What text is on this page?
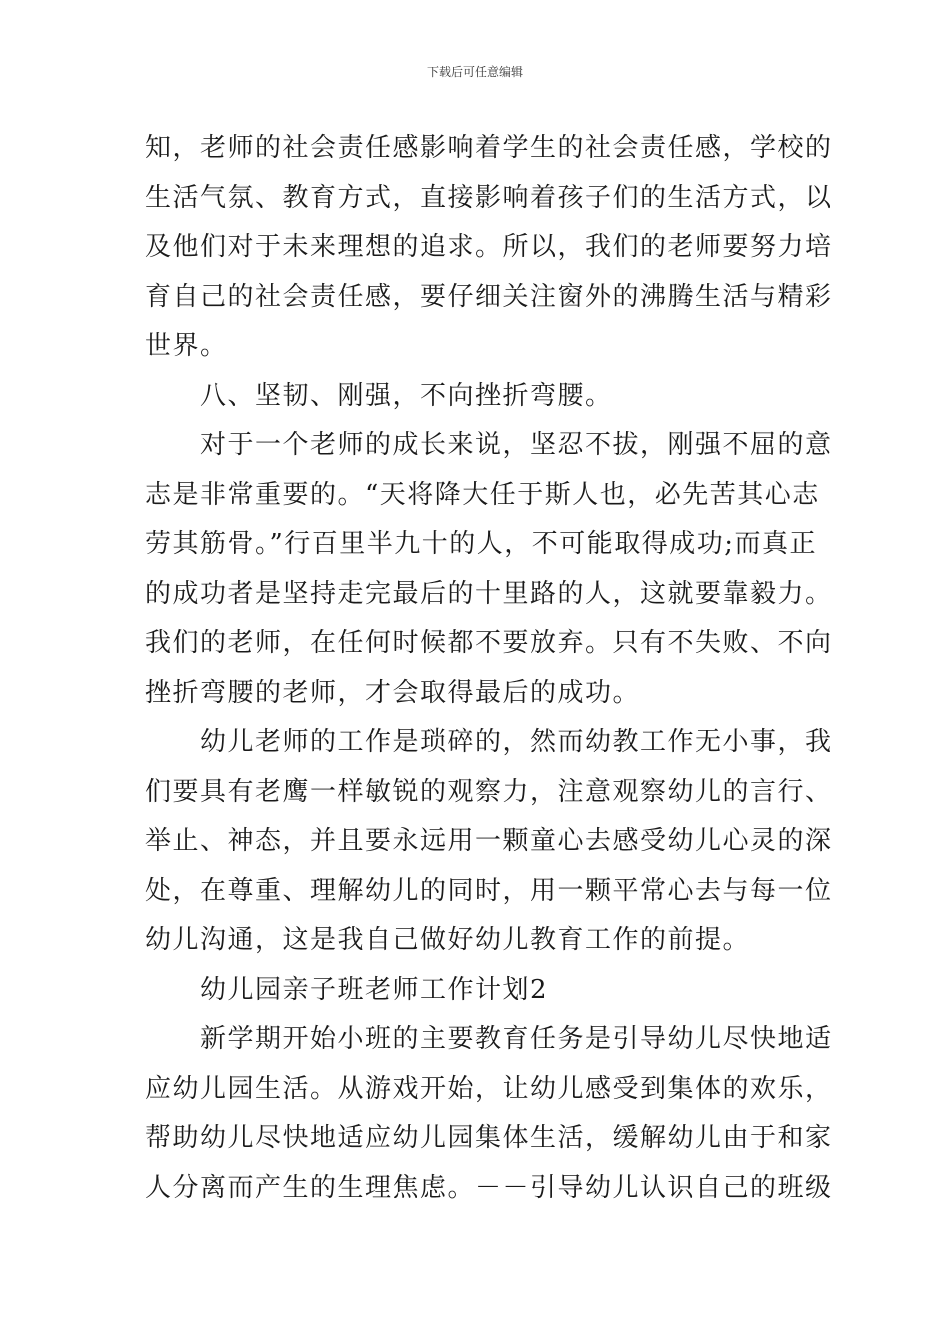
下载后可任意编辑
知，老师的社会责任感影响着学生的社会责任感，学校的
生活气氛、教育方式，直接影响着孩子们的生活方式，以
及他们对于未来理想的追求。所以，我们的老师要努力培
育自己的社会责任感，要仔细关注窗外的沸腾生活与精彩
世界。
八、坚韧、刚强，不向挫折弯腰。
对于一个老师的成长来说，坚忍不拔，刚强不屈的意
志是非常重要的。“天将降大任于斯人也，必先苦其心志
劳其筋骨。”行百里半九十的人，不可能取得成功;而真正
的成功者是坚持走完最后的十里路的人，这就要靠毅力。
我们的老师，在任何时候都不要放弃。只有不失败、不向
挫折弯腰的老师，才会取得最后的成功。
幼儿老师的工作是琐碎的，然而幼教工作无小事，我
们要具有老鹰一样敏锐的观察力，注意观察幼儿的言行、
举止、神态，并且要永远用一颗童心去感受幼儿心灵的深
处，在尊重、理解幼儿的同时，用一颗平常心去与每一位
幼儿沟通，这是我自己做好幼儿教育工作的前提。
幼儿园亲子班老师工作计划2
新学期开始小班的主要教育任务是引导幼儿尽快地适
应幼儿园生活。从游戏开始，让幼儿感受到集体的欢乐，
帮助幼儿尽快地适应幼儿园集体生活，缓解幼儿由于和家
人分离而产生的生理焦虑。－－引导幼儿认识自己的班级
